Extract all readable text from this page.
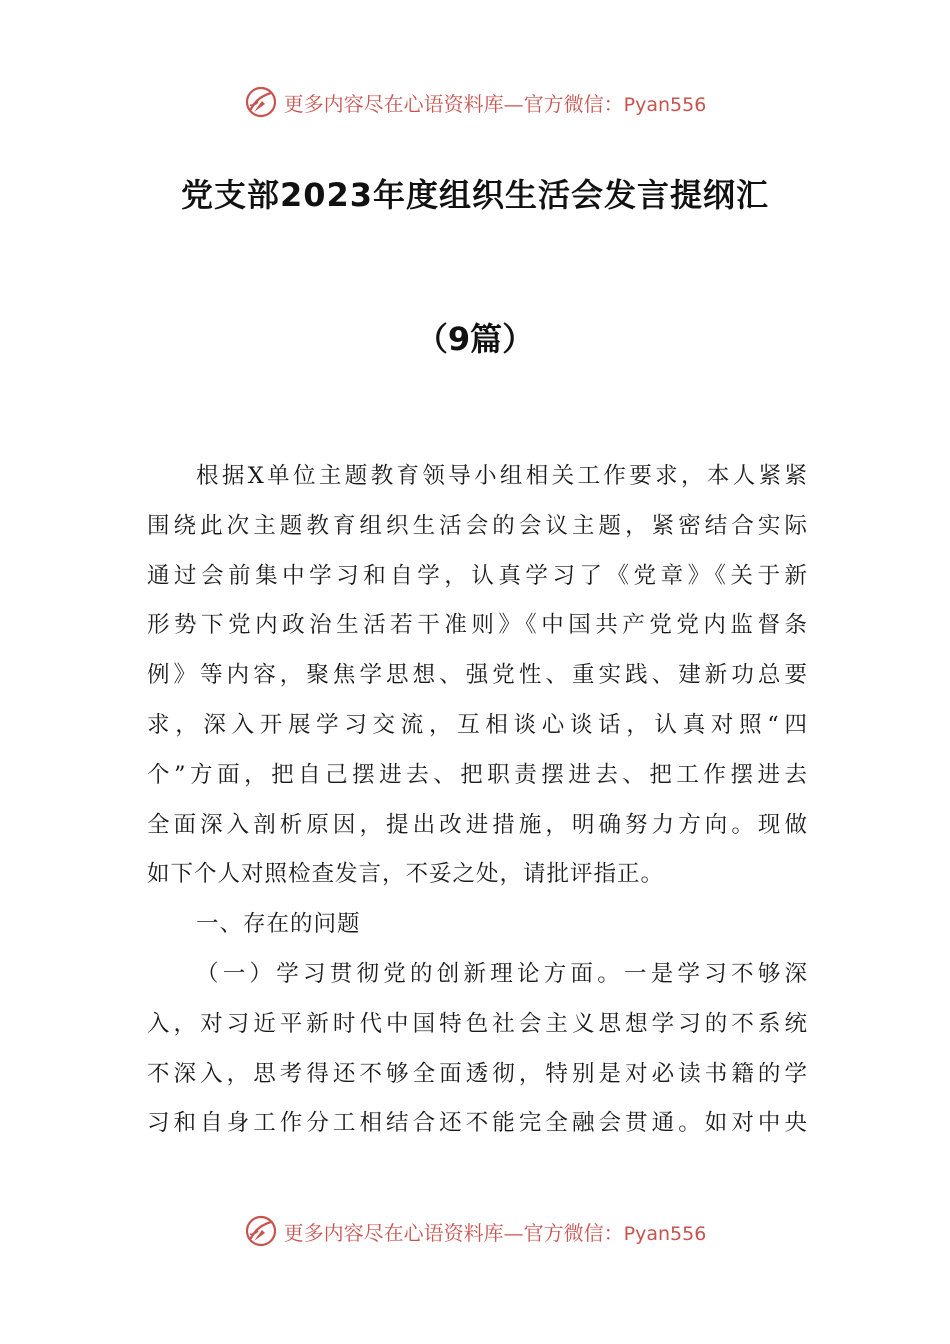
更多内容尽在心语资料库—官方微信：Pyan556
党支部2023年度组织生活会发言提纲汇
（9篇）
根据X单位主题教育领导小组相关工作要求，本人紧紧
围绕此次主题教育组织生活会的会议主题，紧密结合实际
通过会前集中学习和自学，认真学习了《党章》《关于新
形势下党内政治生活若干准则》《中国共产党党内监督条
例》等内容，聚焦学思想、强党性、重实践、建新功总要
求，深入开展学习交流，互相谈心谈话，认真对照“四
个”方面，把自己摆进去、把职责摆进去、把工作摆进去
全面深入剖析原因，提出改进措施，明确努力方向。现做
如下个人对照检查发言，不妥之处，请批评指正。
一、存在的问题
（一）学习贯彻党的创新理论方面。一是学习不够深
入，对习近平新时代中国特色社会主义思想学习的不系统
不深入，思考得还不够全面透彻，特别是对必读书籍的学
习和自身工作分工相结合还不能完全融会贯通。如对中央
更多内容尽在心语资料库—官方微信：Pyan556
